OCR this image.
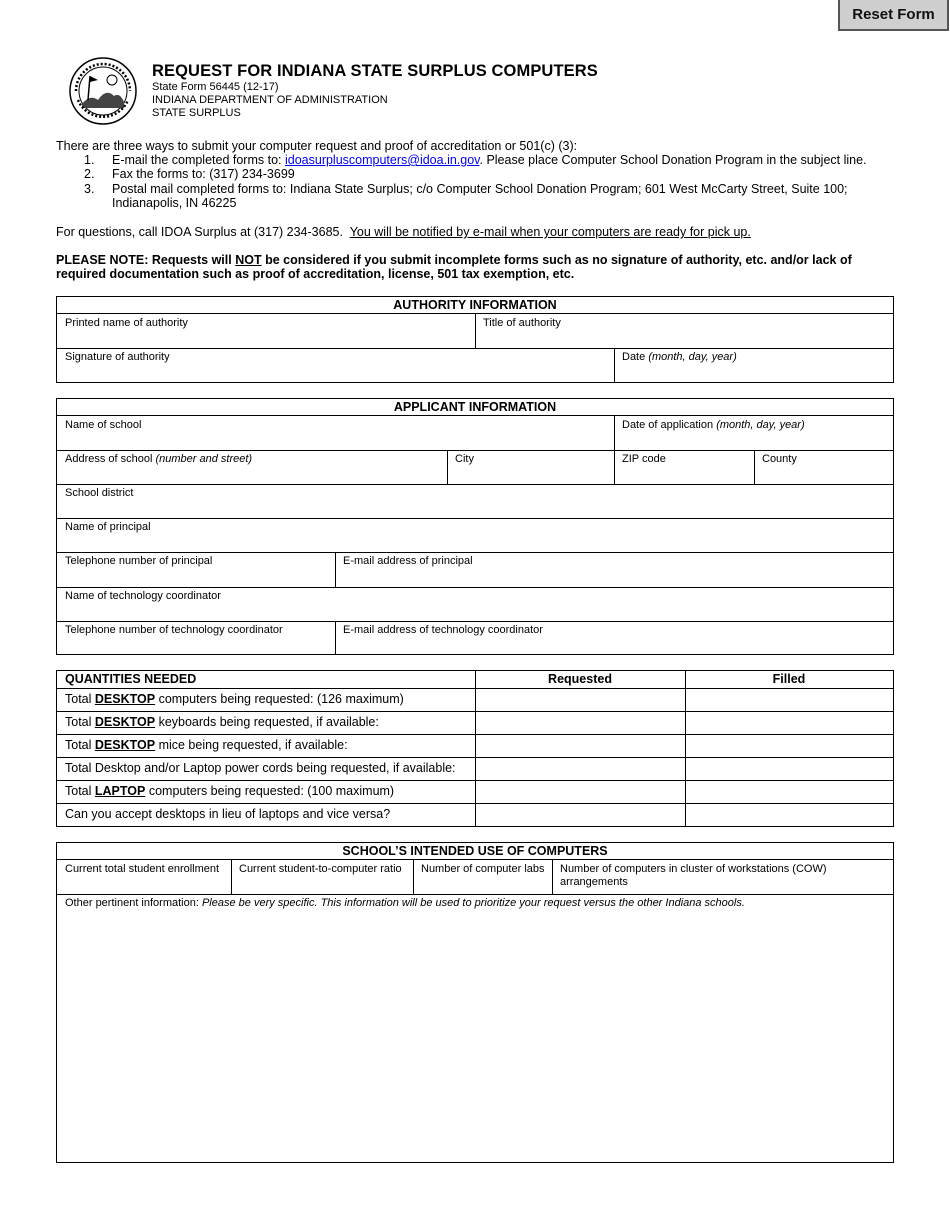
Reset Form
REQUEST FOR INDIANA STATE SURPLUS COMPUTERS
State Form 56445 (12-17)
INDIANA DEPARTMENT OF ADMINISTRATION
STATE SURPLUS
There are three ways to submit your computer request and proof of accreditation or 501(c) (3):
1. E-mail the completed forms to: idoasurpluscomputers@idoa.in.gov. Please place Computer School Donation Program in the subject line.
2. Fax the forms to: (317) 234-3699
3. Postal mail completed forms to: Indiana State Surplus; c/o Computer School Donation Program; 601 West McCarty Street, Suite 100;
Indianapolis, IN 46225
For questions, call IDOA Surplus at (317) 234-3685. You will be notified by e-mail when your computers are ready for pick up.
PLEASE NOTE: Requests will NOT be considered if you submit incomplete forms such as no signature of authority, etc. and/or lack of
required documentation such as proof of accreditation, license, 501 tax exemption, etc.
AUTHORITY INFORMATION
Printed name of authority	Title of authority
Signature of authority	Date (month, day, year)
APPLICANT INFORMATION
Name of school	Date of application (month, day, year)
Address of school (number and street)	City	ZIP code	County
School district
Name of principal
Telephone number of principal	E-mail address of principal
Name of technology coordinator
Telephone number of technology coordinator	E-mail address of technology coordinator
QUANTITIES NEEDED	Requested	Filled
Total DESKTOP computers being requested: (126 maximum)
Total DESKTOP keyboards being requested, if available:
Total DESKTOP mice being requested, if available:
Total Desktop and/or Laptop power cords being requested, if available:
Total LAPTOP computers being requested: (100 maximum)
Can you accept desktops in lieu of laptops and vice versa?
SCHOOL’S INTENDED USE OF COMPUTERS
Current total student enrollment	Current student-to-computer ratio	Number of computer labs	Number of computers in cluster of workstations (COW) arrangements
Other pertinent information: Please be very specific. This information will be used to prioritize your request versus the other Indiana schools.
